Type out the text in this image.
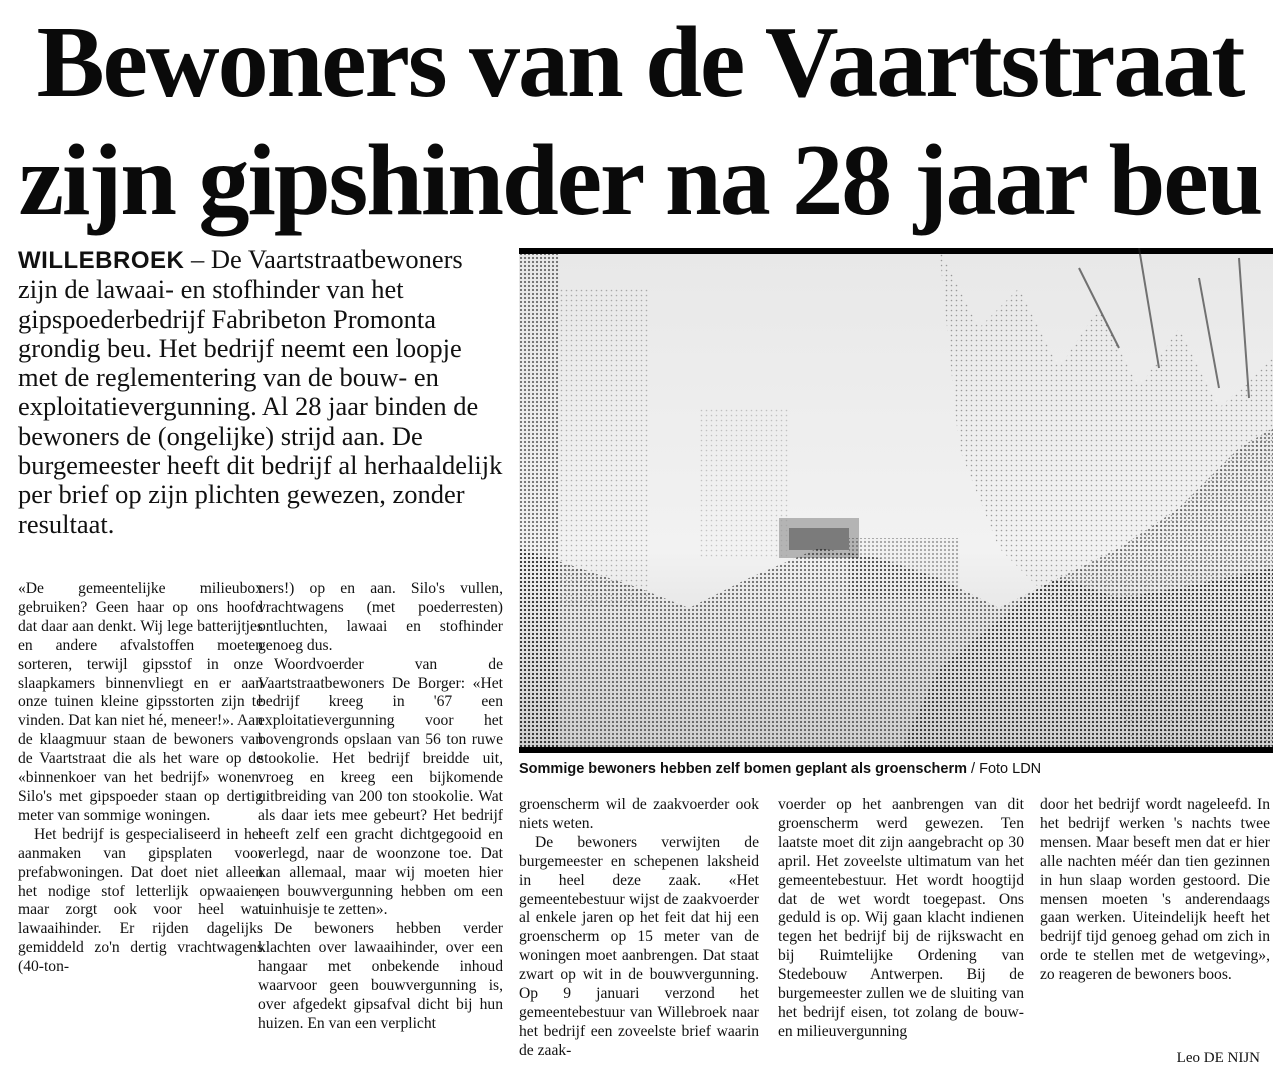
Bewoners van de Vaartstraat
zijn gipshinder na 28 jaar beu
WILLEBROEK – De Vaartstraatbewoners zijn de lawaai- en stofhinder van het gipspoederbedrijf Fabribeton Promonta grondig beu. Het bedrijf neemt een loopje met de reglementering van de bouw- en exploitatievergunning. Al 28 jaar binden de bewoners de (ongelijke) strijd aan. De burgemeester heeft dit bedrijf al herhaaldelijk per brief op zijn plichten gewezen, zonder resultaat.
Sommige bewoners hebben zelf bomen geplant als groenscherm / Foto LDN

«De gemeentelijke milieubox gebruiken? Geen haar op ons hoofd dat daar aan denkt. Wij lege batterijtjes en andere afvalstoffen moeten sorteren, terwijl gipsstof in onze slaapkamers binnenvliegt en er aan onze tuinen kleine gipsstorten zijn te vinden. Dat kan niet hé, meneer!». Aan de klaagmuur staan de bewoners van de Vaartstraat die als het ware op de «binnenkoer van het bedrijf» wonen. Silo's met gipspoeder staan op dertig meter van sommige woningen.

Het bedrijf is gespecialiseerd in het aanmaken van gipsplaten voor prefabwoningen. Dat doet niet alleen het nodige stof letterlijk opwaaien, maar zorgt ook voor heel wat lawaaihinder. Er rijden dagelijks gemiddeld zo'n dertig vrachtwagens (40-ton-

ners!) op en aan. Silo's vullen, vrachtwagens (met poederresten) ontluchten, lawaai en stofhinder genoeg dus.

Woordvoerder van de Vaartstraatbewoners De Borger: «Het bedrijf kreeg in '67 een exploitatievergunning voor het bovengronds opslaan van 56 ton ruwe stookolie. Het bedrijf breidde uit, vroeg en kreeg een bijkomende uitbreiding van 200 ton stookolie. Wat als daar iets mee gebeurt? Het bedrijf heeft zelf een gracht dichtgegooid en verlegd, naar de woonzone toe. Dat kan allemaal, maar wij moeten hier een bouwvergunning hebben om een tuinhuisje te zetten».

De bewoners hebben verder klachten over lawaaihinder, over een hangaar met onbekende inhoud waarvoor geen bouwvergunning is, over afgedekt gipsafval dicht bij hun huizen. En van een verplicht

groenscherm wil de zaakvoerder ook niets weten.

De bewoners verwijten de burgemeester en schepenen laksheid in heel deze zaak. «Het gemeentebestuur wijst de zaakvoerder al enkele jaren op het feit dat hij een groenscherm op 15 meter van de woningen moet aanbrengen. Dat staat zwart op wit in de bouwvergunning. Op 9 januari verzond het gemeentebestuur van Willebroek naar het bedrijf een zoveelste brief waarin de zaak-

voerder op het aanbrengen van dit groenscherm werd gewezen. Ten laatste moet dit zijn aangebracht op 30 april. Het zoveelste ultimatum van het gemeentebestuur. Het wordt hoogtijd dat de wet wordt toegepast. Ons geduld is op. Wij gaan klacht indienen tegen het bedrijf bij de rijkswacht en bij Ruimtelijke Ordening van Stedebouw Antwerpen. Bij de burgemeester zullen we de sluiting van het bedrijf eisen, tot zolang de bouw- en milieuvergunning

door het bedrijf wordt nageleefd. In het bedrijf werken 's nachts twee mensen. Maar beseft men dat er hier alle nachten méér dan tien gezinnen in hun slaap worden gestoord. Die mensen moeten 's anderendaags gaan werken. Uiteindelijk heeft het bedrijf tijd genoeg gehad om zich in orde te stellen met de wetgeving», zo reageren de bewoners boos.

Leo DE NIJN
